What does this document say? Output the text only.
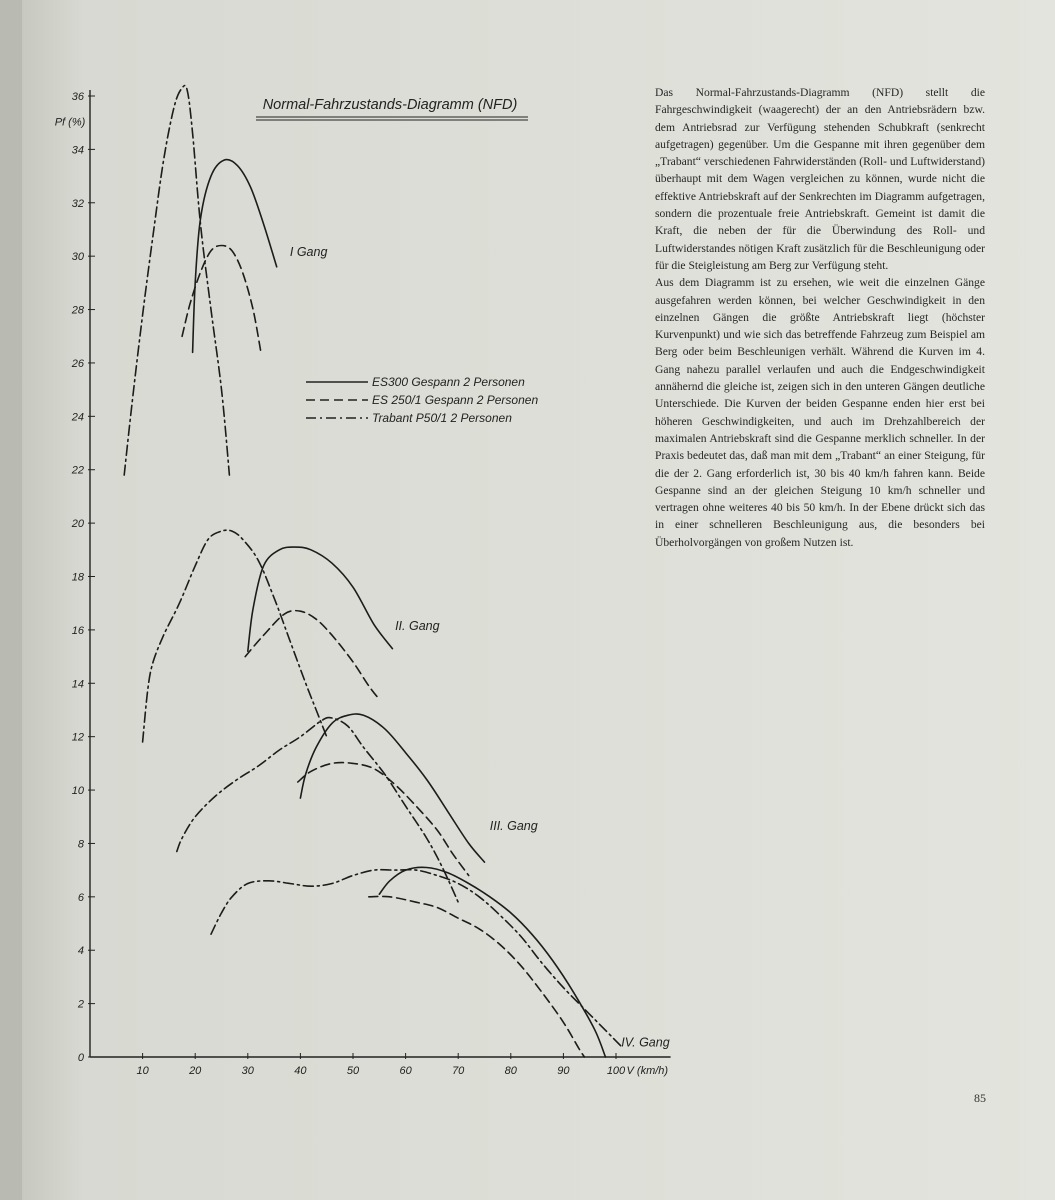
0
2
4
6
8
10
12
14
16
18
20
22
24
26
28
30
32
34
36
10	20	30	40	50	60	70	80	90	100
Pf (%)
V (km/h)
Normal-Fahrzustands-Diagramm (NFD)
ES300 Gespann 2 Personen
ES 250/1 Gespann 2 Personen
Trabant P50/1 2 Personen
I Gang
II. Gang
III. Gang
IV. Gang

Das Normal-Fahrzustands-Diagramm (NFD) stellt die Fahrgeschwindigkeit (waagerecht) der an den Antriebsrädern bzw. dem Antriebsrad zur Verfügung stehenden Schubkraft (senkrecht aufgetragen) gegenüber. Um die Gespanne mit ihren gegenüber dem „Trabant“ verschiedenen Fahrwiderständen (Roll- und Luftwiderstand) überhaupt mit dem Wagen vergleichen zu können, wurde nicht die effektive Antriebskraft auf der Senkrechten im Diagramm aufgetragen, sondern die prozentuale freie Antriebskraft. Gemeint ist damit die Kraft, die neben der für die Überwindung des Roll- und Luftwiderstandes nötigen Kraft zusätzlich für die Beschleunigung oder für die Steigleistung am Berg zur Verfügung steht.

Aus dem Diagramm ist zu ersehen, wie weit die einzelnen Gänge ausgefahren werden können, bei welcher Geschwindigkeit in den einzelnen Gängen die größte Antriebskraft liegt (höchster Kurvenpunkt) und wie sich das betreffende Fahrzeug zum Beispiel am Berg oder beim Beschleunigen verhält. Während die Kurven im 4. Gang nahezu parallel verlaufen und auch die Endgeschwindigkeit annähernd die gleiche ist, zeigen sich in den unteren Gängen deutliche Unterschiede. Die Kurven der beiden Gespanne enden hier erst bei höheren Geschwindigkeiten, und auch im Drehzahlbereich der maximalen Antriebskraft sind die Gespanne merklich schneller. In der Praxis bedeutet das, daß man mit dem „Trabant“ an einer Steigung, für die der 2. Gang erforderlich ist, 30 bis 40 km/h fahren kann. Beide Gespanne sind an der gleichen Steigung 10 km/h schneller und vertragen ohne weiteres 40 bis 50 km/h. In der Ebene drückt sich das in einer schnelleren Beschleunigung aus, die besonders bei Überholvorgängen von großem Nutzen ist.

85
